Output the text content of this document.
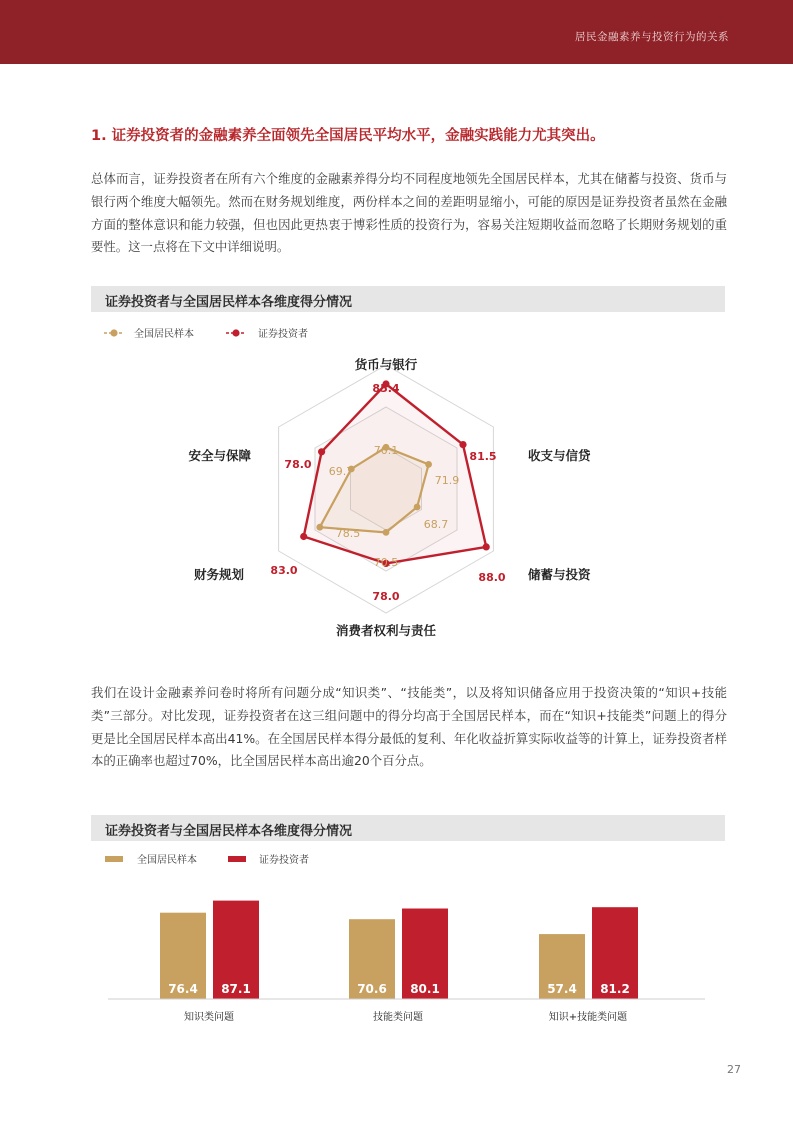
居民金融素养与投资行为的关系
1. 证券投资者的金融素养全面领先全国居民平均水平，金融实践能力尤其突出。
总体而言，证券投资者在所有六个维度的金融素养得分均不同程度地领先全国居民样本，尤其在储蓄与投资、货币与银行两个维度大幅领先。然而在财务规划维度，两份样本之间的差距明显缩小，可能的原因是证券投资者虽然在金融方面的整体意识和能力较强，但也因此更热衷于博彩性质的投资行为，容易关注短期收益而忽略了长期财务规划的重要性。这一点将在下文中详细说明。
证券投资者与全国居民样本各维度得分情况
全国居民样本	证券投资者
货币与银行
收支与信贷
储蓄与投资
消费者权利与责任
财务规划
安全与保障
85.4
81.5
88.0
78.0
83.0
78.0
70.1
71.9
68.7
70.5
78.5
69.7
我们在设计金融素养问卷时将所有问题分成“知识类”、“技能类”，以及将知识储备应用于投资决策的“知识+技能类”三部分。对比发现，证券投资者在这三组问题中的得分均高于全国居民样本，而在“知识+技能类”问题上的得分更是比全国居民样本高出41%。在全国居民样本得分最低的复利、年化收益折算实际收益等的计算上，证券投资者样本的正确率也超过70%，比全国居民样本高出逾20个百分点。
证券投资者与全国居民样本各维度得分情况
全国居民样本	证券投资者
76.4 87.1	70.6 80.1	57.4 81.2
知识类问题	技能类问题	知识+技能类问题
27
